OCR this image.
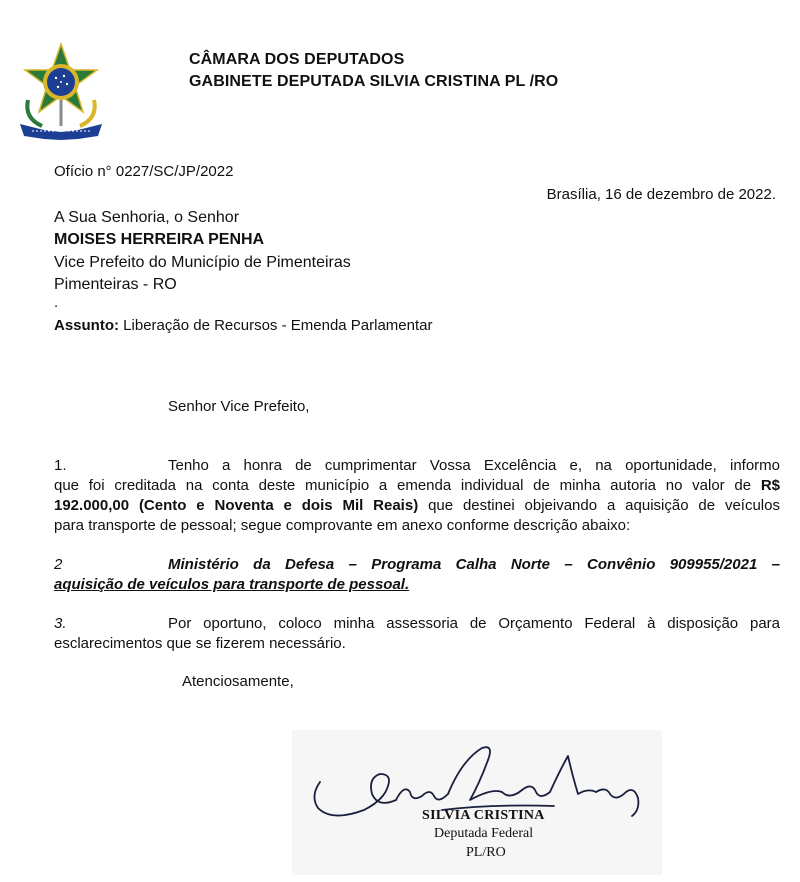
CÂMARA DOS DEPUTADOS
GABINETE DEPUTADA SILVIA CRISTINA PL /RO
Ofício n° 0227/SC/JP/2022
Brasília, 16 de dezembro de 2022.
A Sua Senhoria, o Senhor
MOISES HERREIRA PENHA
Vice Prefeito do Município de Pimenteiras
Pimenteiras - RO
.
Assunto: Liberação de Recursos - Emenda Parlamentar
Senhor Vice Prefeito,
1.	Tenho a honra de cumprimentar Vossa Excelência e, na oportunidade, informo
que foi creditada na conta deste município a emenda individual de minha autoria no valor de R$
192.000,00 (Cento e Noventa e dois Mil Reais) que destinei objeivando a aquisição de veículos
para transporte de pessoal; segue comprovante em anexo conforme descrição abaixo:
2	Ministério da Defesa – Programa Calha Norte – Convênio 909955/2021 –
aquisição de veículos para transporte de pessoal.
3.	Por oportuno, coloco minha assessoria de Orçamento Federal à disposição para
esclarecimentos que se fizerem necessário.
Atenciosamente,
SILVIA CRISTINA
Deputada Federal
PL/RO
